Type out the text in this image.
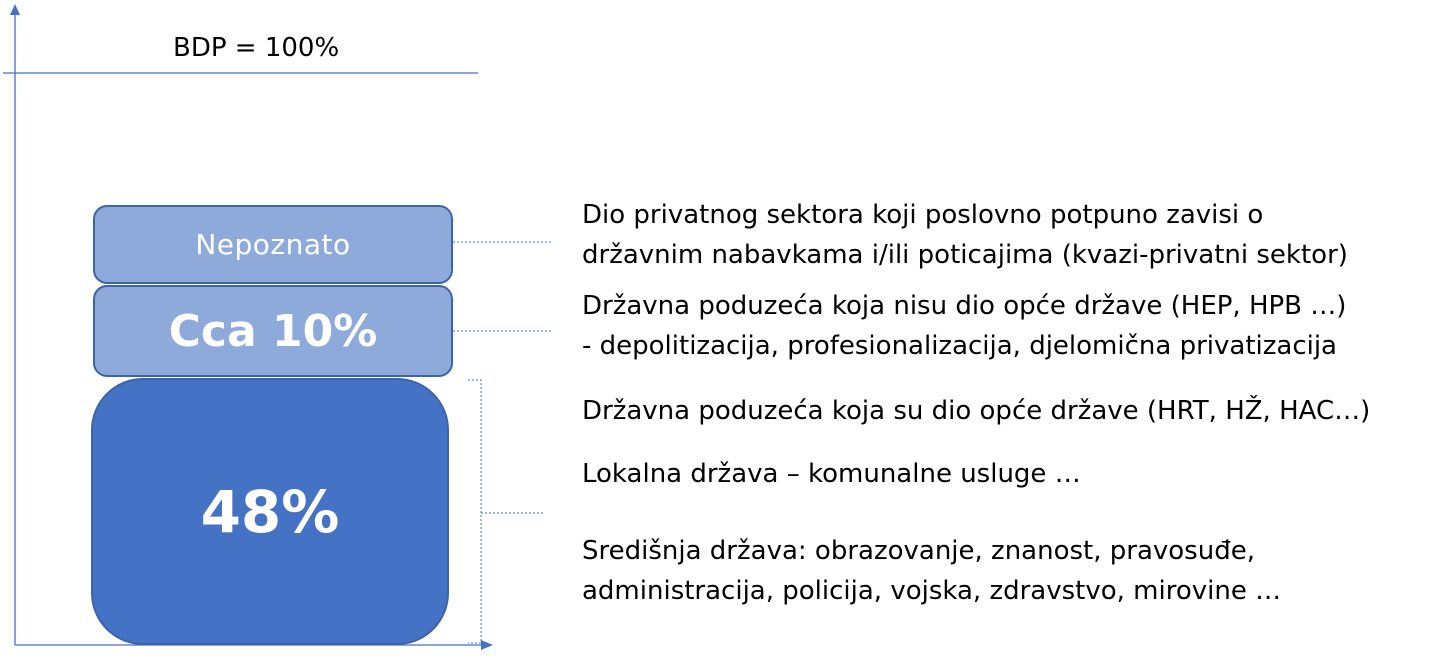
BDP = 100%
Nepoznato
Cca 10%
48%
Dio privatnog sektora koji poslovno potpuno zavisi o
državnim nabavkama i/ili poticajima (kvazi-privatni sektor)
Državna poduzeća koja nisu dio opće države (HEP, HPB …)
- depolitizacija, profesionalizacija, djelomična privatizacija
Državna poduzeća koja su dio opće države (HRT, HŽ, HAC…)
Lokalna država – komunalne usluge …
Središnja država: obrazovanje, znanost, pravosuđe,
administracija, policija, vojska, zdravstvo, mirovine …
